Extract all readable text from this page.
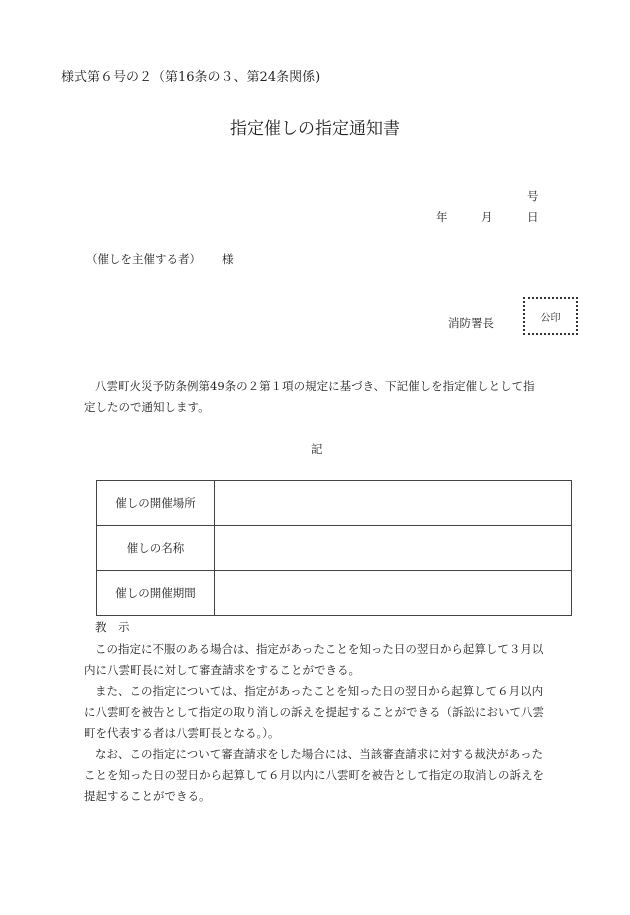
様式第６号の２（第16条の３、第24条関係)
指定催しの指定通知書
号
年	月	日
（催しを主催する者） 様
消防署長	公印
八雲町火災予防条例第49条の２第１項の規定に基づき、下記催しを指定催しとして指
定したので通知します。
記
催しの開催場所	
催しの名称	
催しの開催期間	
教　示
この指定に不服のある場合は、指定があったことを知った日の翌日から起算して３月以
内に八雲町長に対して審査請求をすることができる。
また、この指定については、指定があったことを知った日の翌日から起算して６月以内
に八雲町を被告として指定の取り消しの訴えを提起することができる（訴訟において八雲
町を代表する者は八雲町長となる。）。
なお、この指定について審査請求をした場合には、当該審査請求に対する裁決があった
ことを知った日の翌日から起算して６月以内に八雲町を被告として指定の取消しの訴えを
提起することができる。
